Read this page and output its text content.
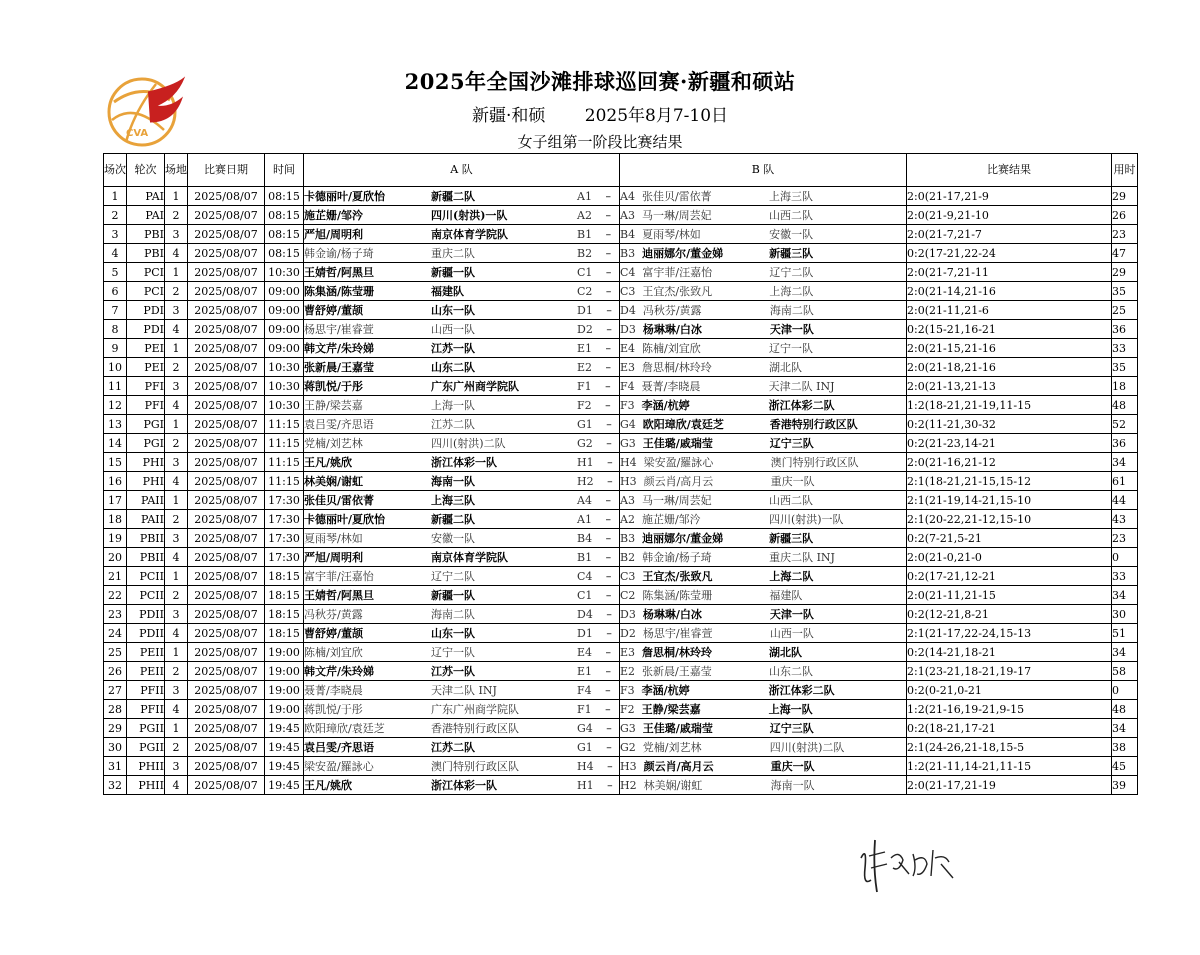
CVA
2025年全国沙滩排球巡回赛·新疆和硕站
新疆·和硕 2025年8月7-10日
女子组第一阶段比赛结果
场次	轮次	场地	比赛日期	时间	A 队	B 队	比赛结果	用时
1	PAI	1	2025/08/07	08:15	卡德丽叶/夏欣怡 新疆二队 A1 –	A4 张佳贝/雷依菁 上海三队	2:0(21-17,21-9	29
2	PAI	2	2025/08/07	08:15	施芷姗/邹汵 四川(射洪)一队 A2 –	A3 马一琳/周芸妃 山西二队	2:0(21-9,21-10	26
3	PBI	3	2025/08/07	08:15	严旭/周明利 南京体育学院队 B1 –	B4 夏雨琴/林如 安徽一队	2:0(21-7,21-7	23
4	PBI	4	2025/08/07	08:15	韩金谕/杨子琦 重庆二队 B2 –	B3 迪丽娜尔/董金娣 新疆三队	0:2(17-21,22-24	47
5	PCI	1	2025/08/07	10:30	王婧哲/阿黑旦 新疆一队 C1 –	C4 富宇菲/汪嘉怡 辽宁二队	2:0(21-7,21-11	29
6	PCI	2	2025/08/07	09:00	陈集涵/陈莹珊 福建队 C2 –	C3 王宜杰/张致凡 上海二队	2:0(21-14,21-16	35
7	PDI	3	2025/08/07	09:00	曹舒婷/董颉 山东一队 D1 –	D4 冯秋芬/黄露 海南二队	2:0(21-11,21-6	25
8	PDI	4	2025/08/07	09:00	杨思宇/崔睿萱 山西一队 D2 –	D3 杨琳琳/白冰 天津一队	0:2(15-21,16-21	36
9	PEI	1	2025/08/07	09:00	韩文芹/朱玲娣 江苏一队 E1 –	E4 陈楠/刘宜欣 辽宁一队	2:0(21-15,21-16	33
10	PEI	2	2025/08/07	10:30	张新晨/王嘉莹 山东二队 E2 –	E3 詹思桐/林玲玲 湖北队	2:0(21-18,21-16	35
11	PFI	3	2025/08/07	10:30	蒋凯悦/于彤 广东广州商学院队 F1 –	F4 聂菁/李晓晨 天津二队 INJ	2:0(21-13,21-13	18
12	PFI	4	2025/08/07	10:30	王静/梁芸嘉 上海一队 F2 –	F3 李涵/杭婷 浙江体彩二队	1:2(18-21,21-19,11-15	48
13	PGI	1	2025/08/07	11:15	袁吕雯/齐思语 江苏二队 G1 –	G4 欧阳璋欣/袁廷芝 香港特别行政区队	0:2(11-21,30-32	52
14	PGI	2	2025/08/07	11:15	党楠/刘艺林 四川(射洪)二队 G2 –	G3 王佳璐/戚瑞莹 辽宁三队	0:2(21-23,14-21	36
15	PHI	3	2025/08/07	11:15	王凡/姚欣 浙江体彩一队 H1 –	H4 梁安盈/羅詠心 澳门特别行政区队	2:0(21-16,21-12	34
16	PHI	4	2025/08/07	11:15	林美娴/谢虹 海南一队 H2 –	H3 颜云肖/高月云 重庆一队	2:1(18-21,21-15,15-12	61
17	PAII	1	2025/08/07	17:30	张佳贝/雷依菁 上海三队 A4 –	A3 马一琳/周芸妃 山西二队	2:1(21-19,14-21,15-10	44
18	PAII	2	2025/08/07	17:30	卡德丽叶/夏欣怡 新疆二队 A1 –	A2 施芷姗/邹汵 四川(射洪)一队	2:1(20-22,21-12,15-10	43
19	PBII	3	2025/08/07	17:30	夏雨琴/林如 安徽一队 B4 –	B3 迪丽娜尔/董金娣 新疆三队	0:2(7-21,5-21	23
20	PBII	4	2025/08/07	17:30	严旭/周明利 南京体育学院队 B1 –	B2 韩金谕/杨子琦 重庆二队 INJ	2:0(21-0,21-0	0
21	PCII	1	2025/08/07	18:15	富宇菲/汪嘉怡 辽宁二队 C4 –	C3 王宜杰/张致凡 上海二队	0:2(17-21,12-21	33
22	PCII	2	2025/08/07	18:15	王婧哲/阿黑旦 新疆一队 C1 –	C2 陈集涵/陈莹珊 福建队	2:0(21-11,21-15	34
23	PDII	3	2025/08/07	18:15	冯秋芬/黄露 海南二队 D4 –	D3 杨琳琳/白冰 天津一队	0:2(12-21,8-21	30
24	PDII	4	2025/08/07	18:15	曹舒婷/董颉 山东一队 D1 –	D2 杨思宇/崔睿萱 山西一队	2:1(21-17,22-24,15-13	51
25	PEII	1	2025/08/07	19:00	陈楠/刘宜欣 辽宁一队 E4 –	E3 詹思桐/林玲玲 湖北队	0:2(14-21,18-21	34
26	PEII	2	2025/08/07	19:00	韩文芹/朱玲娣 江苏一队 E1 –	E2 张新晨/王嘉莹 山东二队	2:1(23-21,18-21,19-17	58
27	PFII	3	2025/08/07	19:00	聂菁/李晓晨 天津二队 INJ F4 –	F3 李涵/杭婷 浙江体彩二队	0:2(0-21,0-21	0
28	PFII	4	2025/08/07	19:00	蒋凯悦/于彤 广东广州商学院队 F1 –	F2 王静/梁芸嘉 上海一队	1:2(21-16,19-21,9-15	48
29	PGII	1	2025/08/07	19:45	欧阳璋欣/袁廷芝 香港特别行政区队 G4 –	G3 王佳璐/戚瑞莹 辽宁三队	0:2(18-21,17-21	34
30	PGII	2	2025/08/07	19:45	袁吕雯/齐思语 江苏二队 G1 –	G2 党楠/刘艺林 四川(射洪)二队	2:1(24-26,21-18,15-5	38
31	PHII	3	2025/08/07	19:45	梁安盈/羅詠心 澳门特别行政区队 H4 –	H3 颜云肖/高月云 重庆一队	1:2(21-11,14-21,11-15	45
32	PHII	4	2025/08/07	19:45	王凡/姚欣 浙江体彩一队 H1 –	H2 林美娴/谢虹 海南一队	2:0(21-17,21-19	39
